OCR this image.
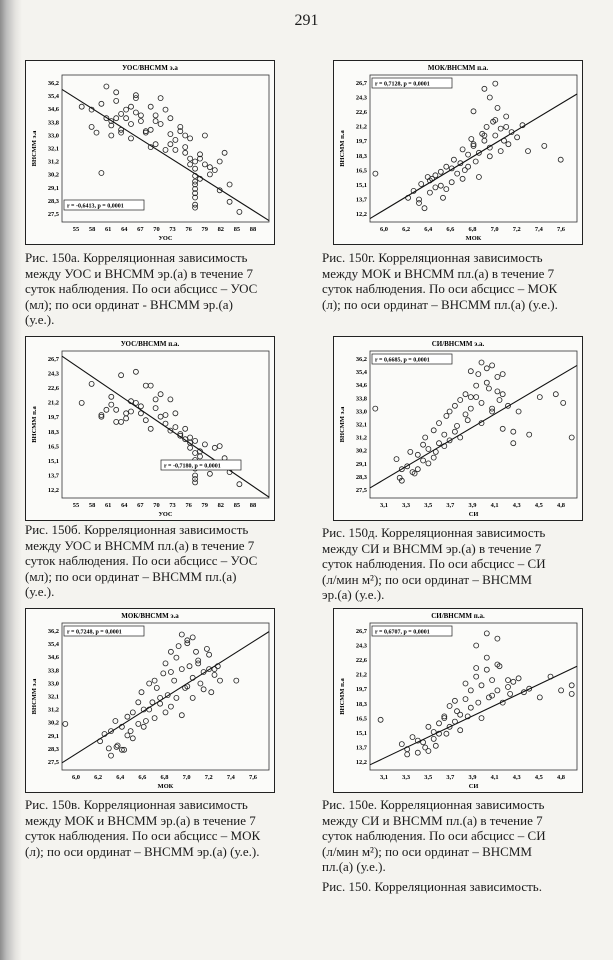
291
УОС/ВНСММ э.а
36,2
35,4
34,6
33,8
33,0
32,1
31,2
30,2
29,1
28,3
27,5
55 58 61 64 67 70 73 76 79 82 85 88
УОС
ВНСММ э.а
r = -0,6413, p = 0,0001
МОК/ВНСММ п.а.
26,7
24,3
22,6
21,2
19,7
18,3
16,5
15,1
13,7
12,2
6,0 6,2 6,4 6,6 6,8 7,0 7,2 7,4 7,6
МОК
ВНСММ п.а
r = 0,7128, p = 0,0001
УОС/ВНСММ п.а.
26,7
24,3
22,6
21,2
19,7
18,3
16,5
15,1
13,7
12,2
55 58 61 64 67 70 73 76 79 82 85 88
УОС
ВНСММ п.а
r = -0,7180, p = 0,0001
СИ/ВНСММ э.а.
36,2
35,4
34,6
33,8
33,0
32,1
31,2
30,2
29,1
28,3
27,5
3,1 3,3 3,5 3,7 3,9 4,1 4,3 4,5 4,8
СИ
ВНСММ э.а
r = 0,6685, p = 0,0001
МОК/ВНСММ э.а
36,2
35,4
34,6
33,8
33,0
32,1
31,2
30,2
29,1
28,3
27,5
6,0 6,2 6,4 6,6 6,8 7,0 7,2 7,4 7,6
МОК
ВНСММ э.а
r = 0,7248, p = 0,0001
СИ/ВНСММ п.а.
26,7
24,3
22,6
21,2
19,7
18,3
16,5
15,1
13,7
12,2
3,1 3,3 3,5 3,7 3,9 4,1 4,3 4,5 4,8
СИ
ВНСММ п.а
r = 0,6707, p = 0,0001
Рис. 150а. Корреляционная зависимость
между УОС и ВНСММ эр.(а) в течение 7
суток наблюдения. По оси абсцисс – УОС
(мл); по оси ординат - ВНСММ эр.(а)
(у.е.).
Рис. 150г. Корреляционная зависимость
между МОК и ВНСММ пл.(а) в течение 7
суток наблюдения. По оси абсцисс – МОК
(л); по оси ординат – ВНСММ пл.(а) (у.е.).
Рис. 150б. Корреляционная зависимость
между УОС и ВНСММ пл.(а) в течение 7
суток наблюдения. По оси абсцисс – УОС
(мл); по оси ординат – ВНСММ пл.(а)
(у.е.).
Рис. 150д. Корреляционная зависимость
между СИ и ВНСММ эр.(а) в течение 7
суток наблюдения. По оси абсцисс – СИ
(л/мин м²); по оси ординат – ВНСММ
эр.(а) (у.е.).
Рис. 150в. Корреляционная зависимость
между МОК и ВНСММ эр.(а) в течение 7
суток наблюдения. По оси абсцисс – МОК
(л); по оси ординат – ВНСММ эр.(а) (у.е.).
Рис. 150е. Корреляционная зависимость
между СИ и ВНСММ пл.(а) в течение 7
суток наблюдения. По оси абсцисс – СИ
(л/мин м²); по оси ординат – ВНСММ
пл.(а) (у.е.).
Рис. 150. Корреляционная зависимость.
